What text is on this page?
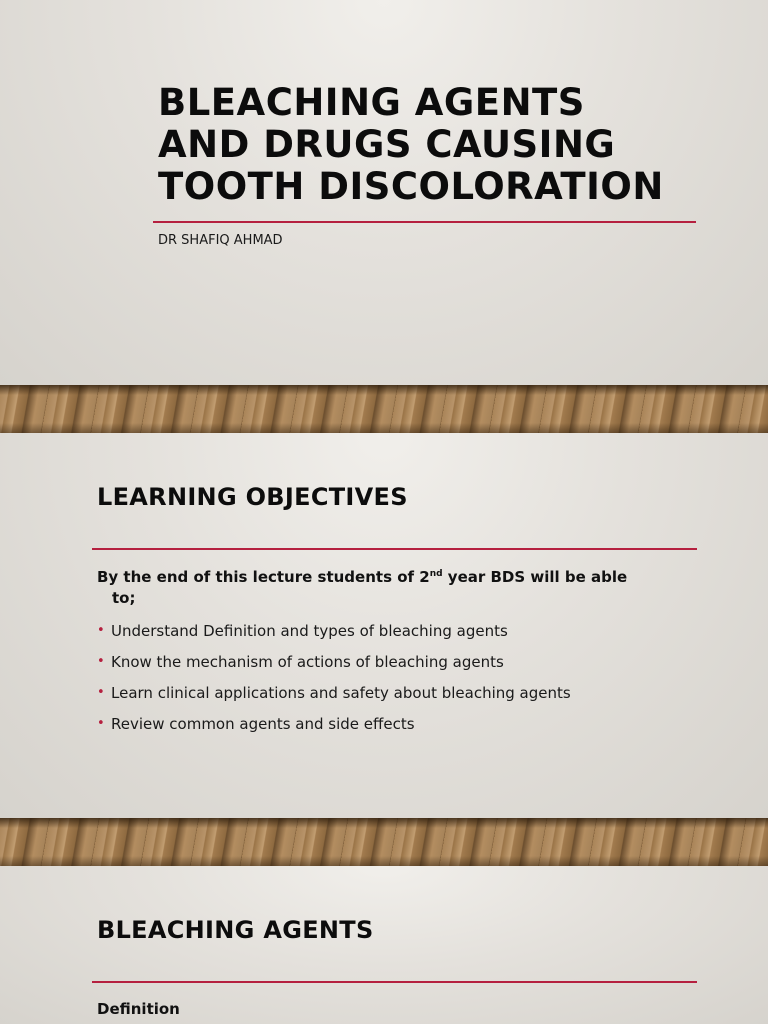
BLEACHING AGENTS
AND DRUGS CAUSING
TOOTH DISCOLORATION
DR SHAFIQ AHMAD
LEARNING OBJECTIVES
By the end of this lecture students of 2nd year BDS will be able
to;
• Understand Definition and types of bleaching agents
• Know the mechanism of actions of bleaching agents
• Learn clinical applications and safety about bleaching agents
• Review common agents and side effects
BLEACHING AGENTS
Definition
